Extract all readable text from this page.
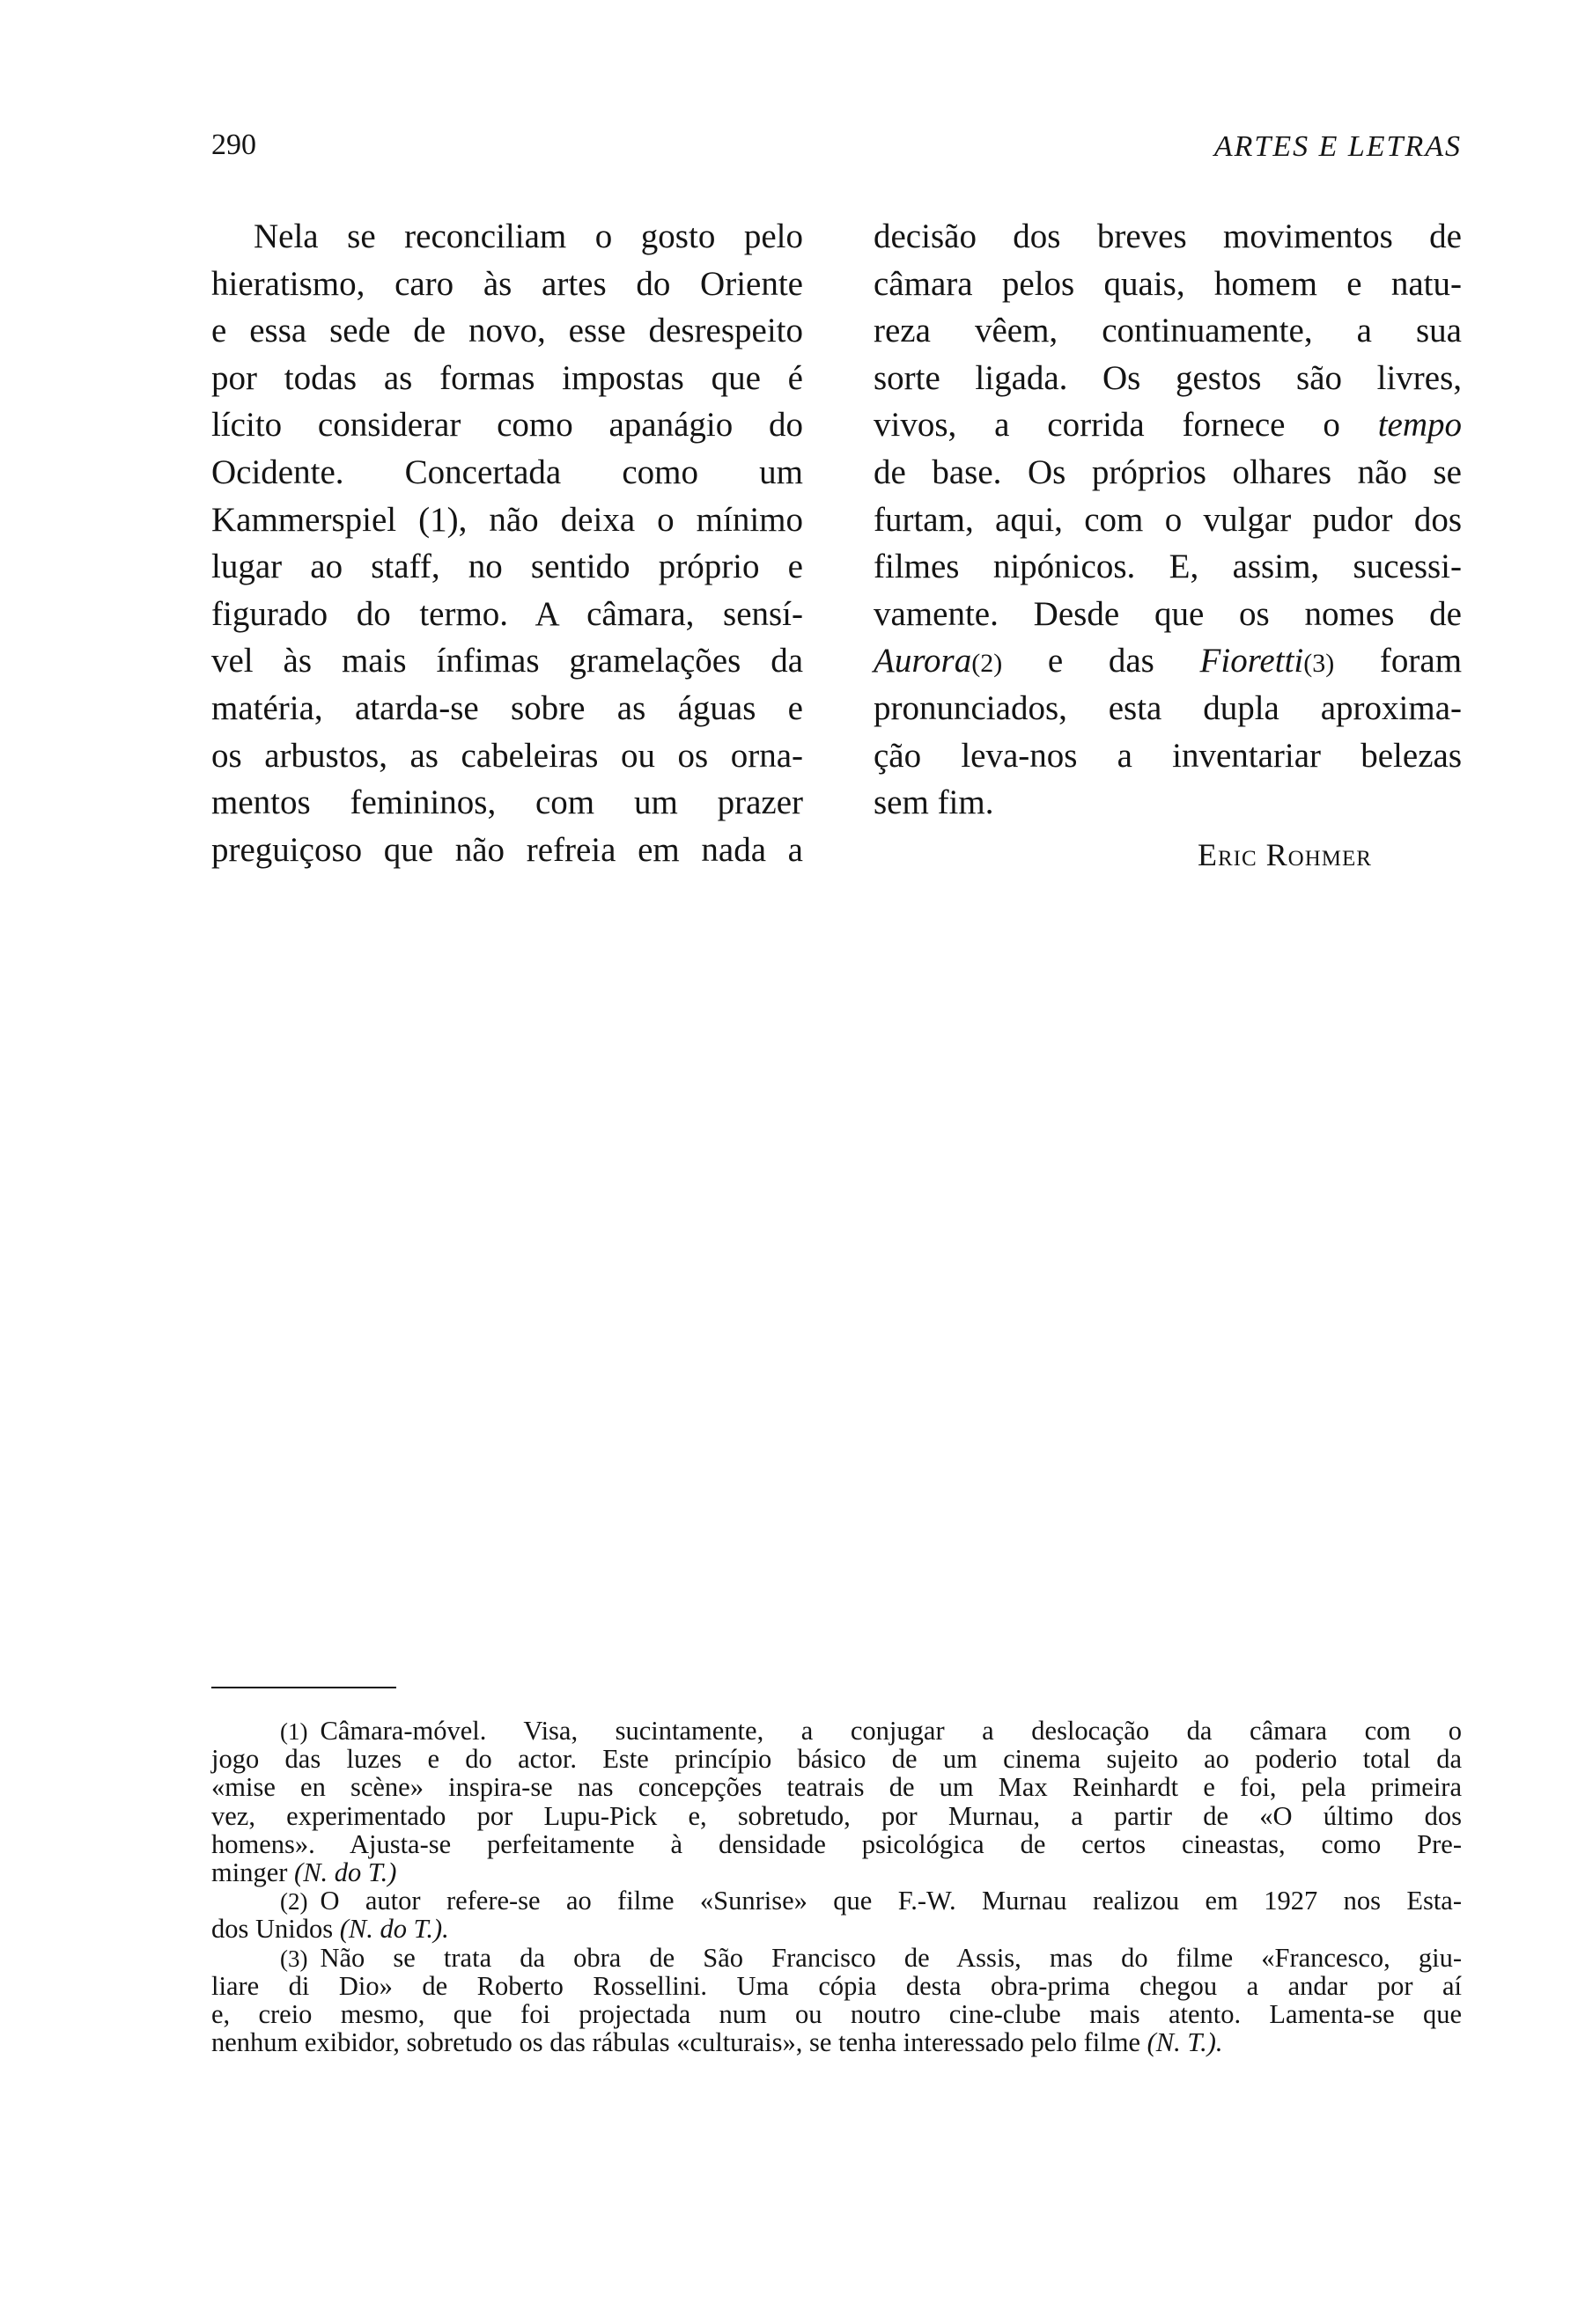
290	ARTES E LETRAS
Nela se reconciliam o gosto pelo
hieratismo, caro às artes do Oriente
e essa sede de novo, esse desrespeito
por todas as formas impostas que é
lícito considerar como apanágio do
Ocidente. Concertada como um
Kammerspiel (1), não deixa o mínimo
lugar ao staff, no sentido próprio e
figurado do termo. A câmara, sensí-
vel às mais ínfimas gramelações da
matéria, atarda-se sobre as águas e
os arbustos, as cabeleiras ou os orna-
mentos femininos, com um prazer
preguiçoso que não refreia em nada a
decisão dos breves movimentos de
câmara pelos quais, homem e natu-
reza vêem, continuamente, a sua
sorte ligada. Os gestos são livres,
vivos, a corrida fornece o tempo
de base. Os próprios olhares não se
furtam, aqui, com o vulgar pudor dos
filmes nipónicos. E, assim, sucessi-
vamente. Desde que os nomes de
Aurora(2) e das Fioretti(3) foram
pronunciados, esta dupla aproxima-
ção leva-nos a inventariar belezas
sem fim.
Eric Rohmer
(1) Câmara-móvel. Visa, sucintamente, a conjugar a deslocação da câmara com o
jogo das luzes e do actor. Este princípio básico de um cinema sujeito ao poderio total da
«mise en scène» inspira-se nas concepções teatrais de um Max Reinhardt e foi, pela primeira
vez, experimentado por Lupu-Pick e, sobretudo, por Murnau, a partir de «O último dos
homens». Ajusta-se perfeitamente à densidade psicológica de certos cineastas, como Pre-
minger (N. do T.)
(2) O autor refere-se ao filme «Sunrise» que F.-W. Murnau realizou em 1927 nos Esta-
dos Unidos (N. do T.).
(3) Não se trata da obra de São Francisco de Assis, mas do filme «Francesco, giu-
liare di Dio» de Roberto Rossellini. Uma cópia desta obra-prima chegou a andar por aí
e, creio mesmo, que foi projectada num ou noutro cine-clube mais atento. Lamenta-se que
nenhum exibidor, sobretudo os das rábulas «culturais», se tenha interessado pelo filme (N. T.).
